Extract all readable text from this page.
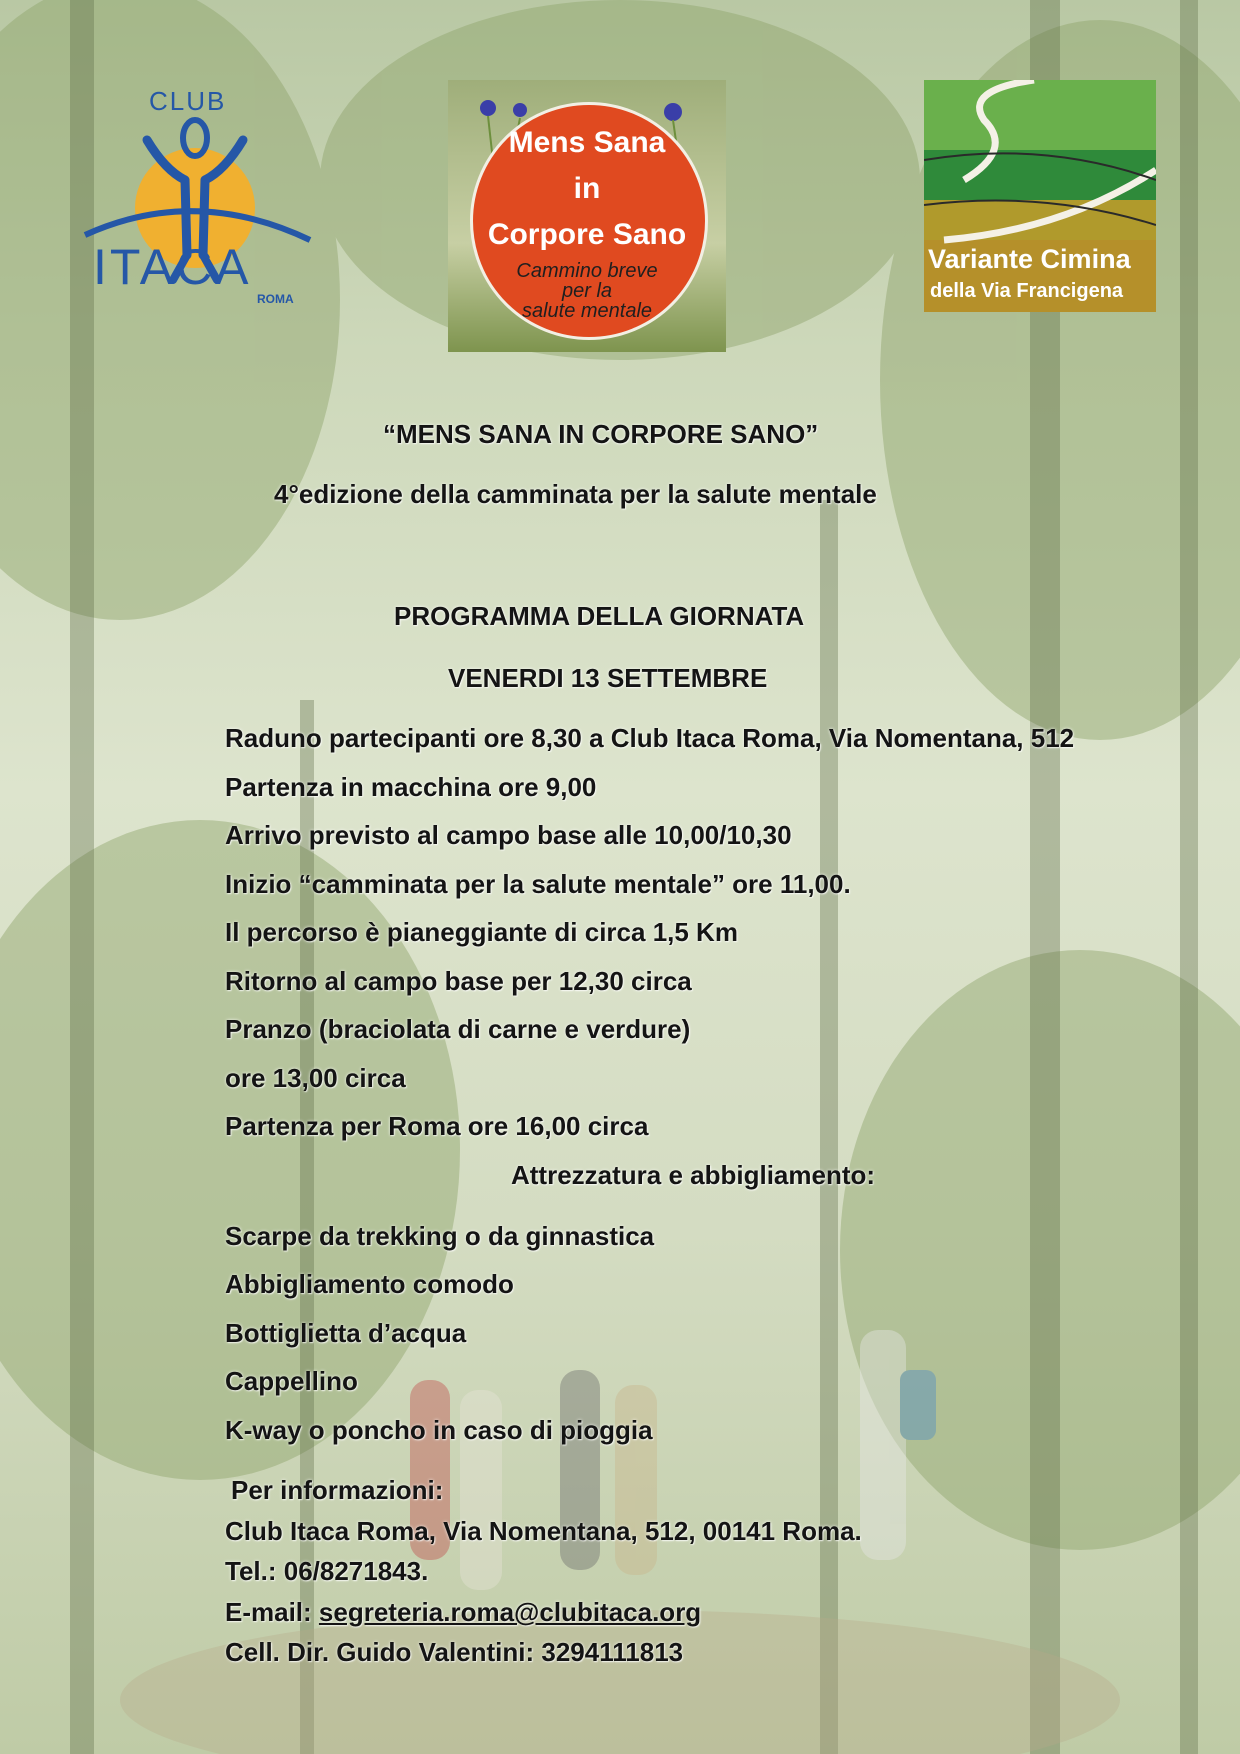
CLUB
ITACA
ROMA
Mens Sana
in
Corpore Sano
Cammino breve
per la
salute mentale
Variante Cimina
della Via Francigena
“MENS SANA IN CORPORE SANO”
4°edizione della camminata per la salute mentale
PROGRAMMA DELLA GIORNATA
VENERDI 13 SETTEMBRE
Raduno partecipanti ore 8,30 a Club Itaca Roma, Via Nomentana, 512
Partenza in macchina ore 9,00
Arrivo previsto al campo base alle 10,00/10,30
Inizio “camminata per la salute mentale” ore 11,00.
Il percorso è pianeggiante di circa 1,5 Km
Ritorno al campo base per 12,30 circa
Pranzo (braciolata di carne e verdure)
ore 13,00 circa
Partenza per Roma ore 16,00 circa
Attrezzatura e abbigliamento:
Scarpe da trekking o da ginnastica
Abbigliamento comodo
Bottiglietta d’acqua
Cappellino
K-way o poncho in caso di pioggia
Per informazioni:
Club Itaca Roma, Via Nomentana, 512, 00141 Roma.
Tel.: 06/8271843.
E-mail: segreteria.roma@clubitaca.org
Cell. Dir. Guido Valentini: 3294111813
